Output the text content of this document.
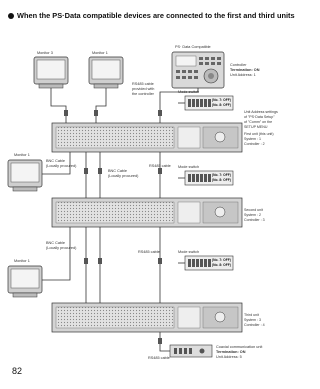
When the PS·Data compatible devices are connected to the first and third units
Monitor 3	Monitor 1
Monitor 1
Monitor 1
PS· Data Compatible
Controller
Termination: ON
Unit Address: 1
RS485 cable
provided with
the controller	Mode switch
(No. 7: OFF)
(No. 8: OFF)
Mode switch
(No. 7: OFF)
(No. 8: OFF)
Mode switch
(No. 7: OFF)
(No. 8: OFF)
Unit Address settings
of "PS·Data Setup"
of "Comm" on the
SETUP MENU
First unit (this unit)
System : 1
Controller : 2
Second unit
System : 2
Controller : 3
Third unit
System : 3
Controller : 4
BNC Cable
(Locally procured)
BNC Cable
(Locally procured)
BNC Cable
(Locally procured)
RS485 cable
RS485 cable
RS485 cable
Coaxial communication unit
Termination: ON
Unit Address: 5
82
